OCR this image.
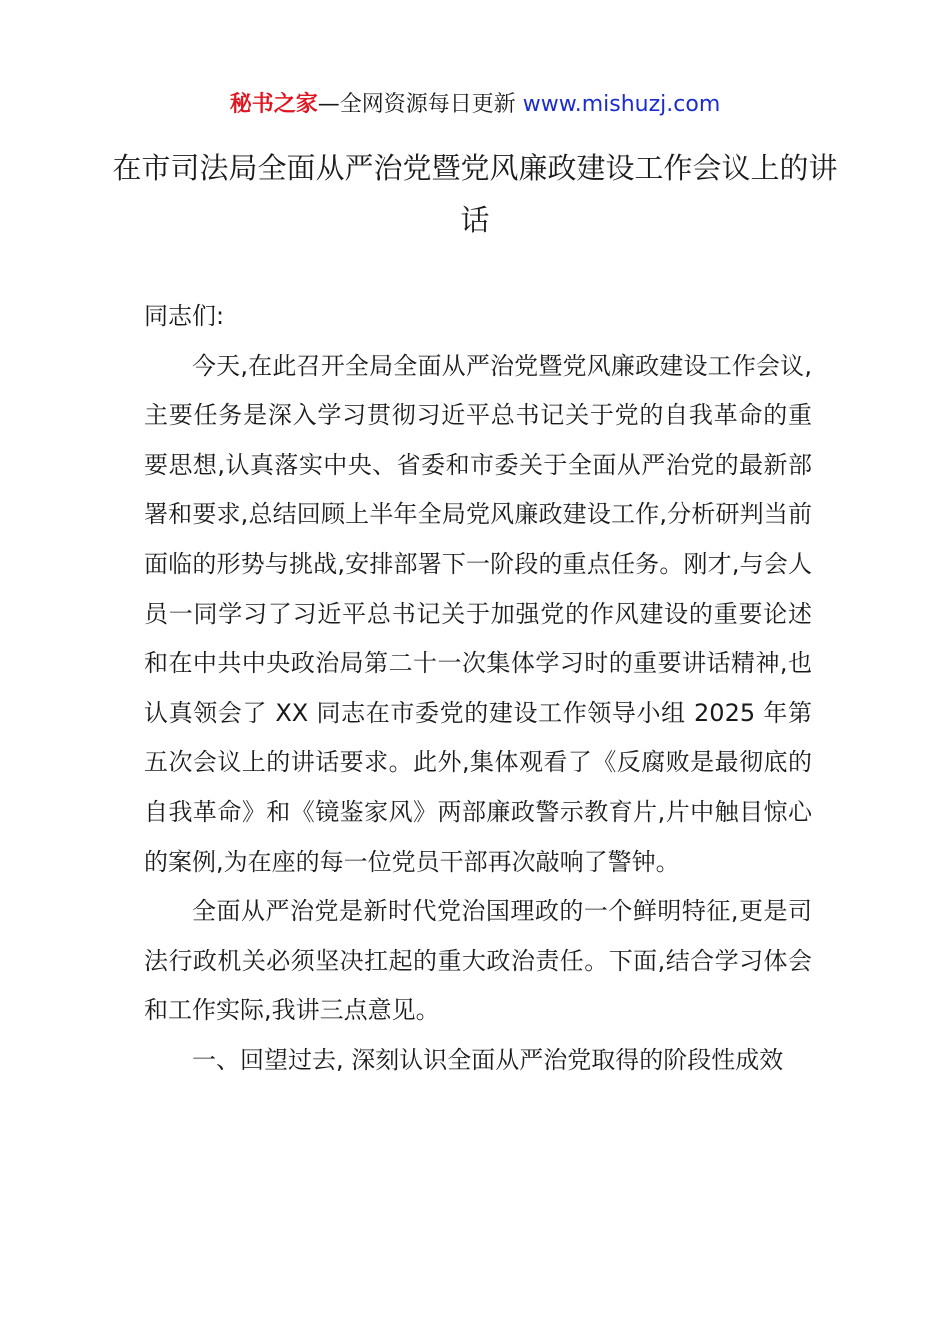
秘书之家—全网资源每日更新 www.mishuzj.com
在市司法局全面从严治党暨党风廉政建设工作会议上的讲话

同志们:

今天,在此召开全局全面从严治党暨党风廉政建设工作会议,主要任务是深入学习贯彻习近平总书记关于党的自我革命的重要思想,认真落实中央、省委和市委关于全面从严治党的最新部署和要求,总结回顾上半年全局党风廉政建设工作,分析研判当前面临的形势与挑战,安排部署下一阶段的重点任务。刚才,与会人员一同学习了习近平总书记关于加强党的作风建设的重要论述和在中共中央政治局第二十一次集体学习时的重要讲话精神,也认真领会了 XX 同志在市委党的建设工作领导小组 2025 年第五次会议上的讲话要求。此外,集体观看了《反腐败是最彻底的自我革命》和《镜鉴家风》两部廉政警示教育片,片中触目惊心的案例,为在座的每一位党员干部再次敲响了警钟。

全面从严治党是新时代党治国理政的一个鲜明特征,更是司法行政机关必须坚决扛起的重大政治责任。下面,结合学习体会和工作实际,我讲三点意见。

一、回望过去, 深刻认识全面从严治党取得的阶段性成效
